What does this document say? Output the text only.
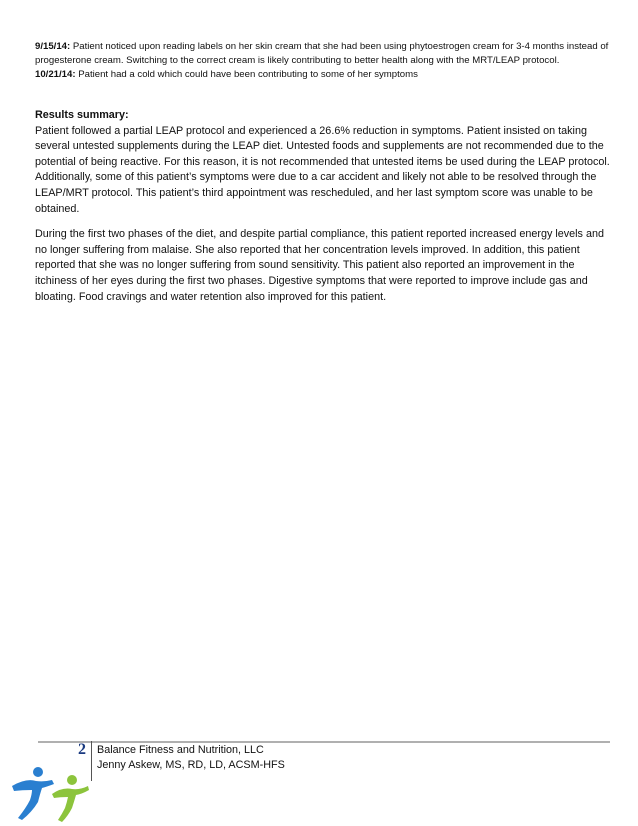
9/15/14: Patient noticed upon reading labels on her skin cream that she had been using phytoestrogen cream for 3-4 months instead of progesterone cream. Switching to the correct cream is likely contributing to better health along with the MRT/LEAP protocol.

10/21/14: Patient had a cold which could have been contributing to some of her symptoms

Results summary:

Patient followed a partial LEAP protocol and experienced a 26.6% reduction in symptoms. Patient insisted on taking several untested supplements during the LEAP diet. Untested foods and supplements are not recommended due to the potential of being reactive. For this reason, it is not recommended that untested items be used during the LEAP protocol. Additionally, some of this patient’s symptoms were due to a car accident and likely not able to be resolved through the LEAP/MRT protocol. This patient’s third appointment was rescheduled, and her last symptom score was unable to be obtained.

During the first two phases of the diet, and despite partial compliance, this patient reported increased energy levels and no longer suffering from malaise. She also reported that her concentration levels improved. In addition, this patient reported that she was no longer suffering from sound sensitivity. This patient also reported an improvement in the itchiness of her eyes during the first two phases. Digestive symptoms that were reported to improve include gas and bloating. Food cravings and water retention also improved for this patient.

2 Balance Fitness and Nutrition, LLC
Jenny Askew, MS, RD, LD, ACSM-HFS
